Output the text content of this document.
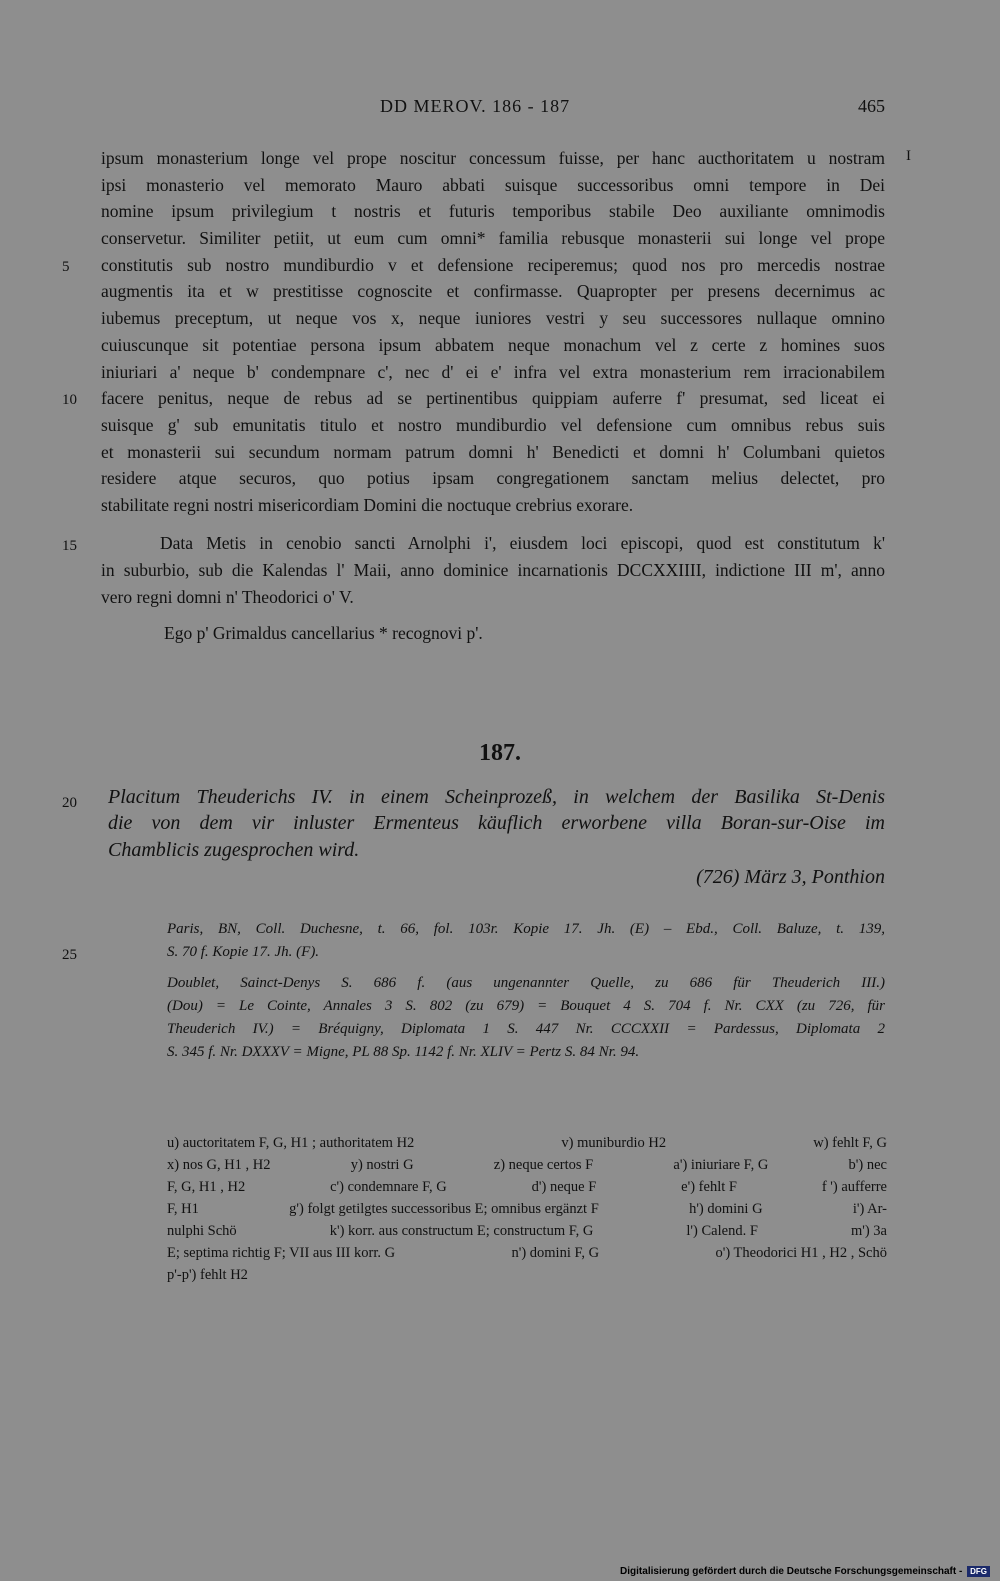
DD MEROV. 186 - 187	465
I
5
10
15
20
25
ipsum monasterium longe vel prope noscitur concessum fuisse, per hanc aucthoritatem u nostram
ipsi monasterio vel memorato Mauro abbati suisque successoribus omni tempore in Dei
nomine ipsum privilegium t nostris et futuris temporibus stabile Deo auxiliante omnimodis
conservetur. Similiter petiit, ut eum cum omni* familia rebusque monasterii sui longe vel prope
constitutis sub nostro mundiburdio v et defensione reciperemus; quod nos pro mercedis nostrae
augmentis ita et w prestitisse cognoscite et confirmasse. Quapropter per presens decernimus ac
iubemus preceptum, ut neque vos x, neque iuniores vestri y seu successores nullaque omnino
cuiuscunque sit potentiae persona ipsum abbatem neque monachum vel z certe z homines suos
iniuriari a' neque b' condempnare c', nec d' ei e' infra vel extra monasterium rem irracionabilem
facere penitus, neque de rebus ad se pertinentibus quippiam auferre f' presumat, sed liceat ei
suisque g' sub emunitatis titulo et nostro mundiburdio vel defensione cum omnibus rebus suis
et monasterii sui secundum normam patrum domni h' Benedicti et domni h' Columbani quietos
residere atque securos, quo potius ipsam congregationem sanctam melius delectet, pro
stabilitate regni nostri misericordiam Domini die noctuque crebrius exorare.
Data Metis in cenobio sancti Arnolphi i', eiusdem loci episcopi, quod est constitutum k'
in suburbio, sub die Kalendas l' Maii, anno dominice incarnationis DCCXXIIII, indictione III m', anno
vero regni domni n' Theodorici o' V.
Ego p' Grimaldus cancellarius * recognovi p'.
187.
Placitum Theuderichs IV. in einem Scheinprozeß, in welchem der Basilika St-Denis
die von dem vir inluster Ermenteus käuflich erworbene villa Boran-sur-Oise im
Chamblicis zugesprochen wird.
(726) März 3, Ponthion
Paris, BN, Coll. Duchesne, t. 66, fol. 103r. Kopie 17. Jh. (E) – Ebd., Coll. Baluze, t. 139,
S. 70 f. Kopie 17. Jh. (F).
Doublet, Sainct-Denys S. 686 f. (aus ungenannter Quelle, zu 686 für Theuderich III.)
(Dou) = Le Cointe, Annales 3 S. 802 (zu 679) = Bouquet 4 S. 704 f. Nr. CXX (zu 726, für
Theuderich IV.) = Bréquigny, Diplomata 1 S. 447 Nr. CCCXXII = Pardessus, Diplomata 2
S. 345 f. Nr. DXXXV = Migne, PL 88 Sp. 1142 f. Nr. XLIV = Pertz S. 84 Nr. 94.
u) auctoritatem F, G, H1 ; authoritatem H2	v) muniburdio H2	w) fehlt F, G
x) nos G, H1 , H2	y) nostri G	z) neque certos F	a') iniuriare F, G	b') nec
F, G, H1 , H2	c') condemnare F, G	d') neque F	e') fehlt F	f ') aufferre
F, H1	g') folgt getilgtes successoribus E; omnibus ergänzt F	h') domini G	i') Ar-
nulphi Schö	k') korr. aus constructum E; constructum F, G	l') Calend. F	m') 3a
E; septima richtig F; VII aus III korr. G	n') domini F, G	o') Theodorici H1 , H2 , Schö
p'-p') fehlt H2
Digitalisierung gefördert durch die Deutsche Forschungsgemeinschaft - DFG
